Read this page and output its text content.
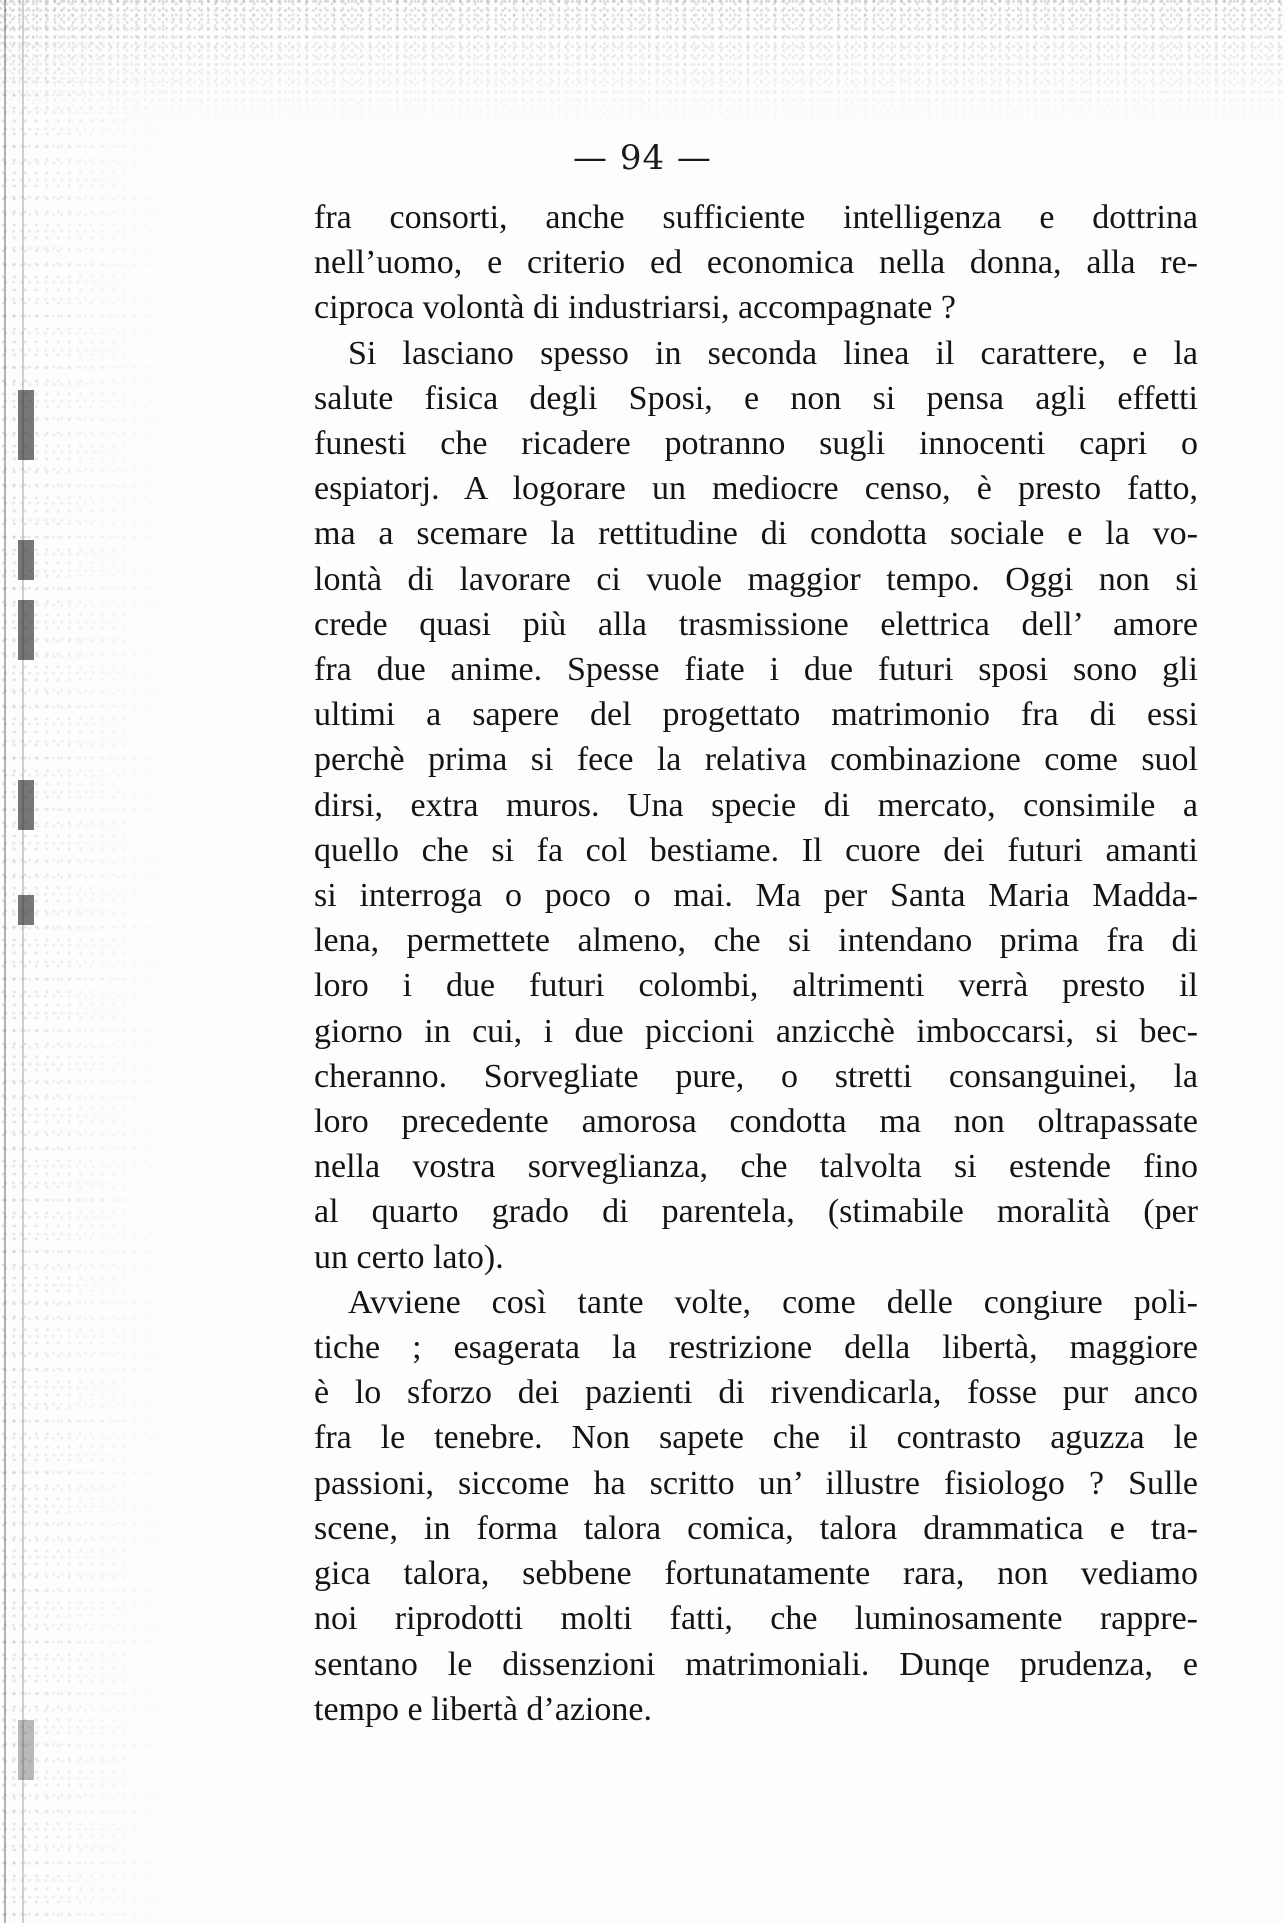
— 94 —
fra consorti, anche sufficiente intelligenza e dottrina
nell’uomo, e criterio ed economica nella donna, alla re-
ciproca volontà di industriarsi, accompagnate ?
Si lasciano spesso in seconda linea il carattere, e la
salute fisica degli Sposi, e non si pensa agli effetti
funesti che ricadere potranno sugli innocenti capri o
espiatorj. A logorare un mediocre censo, è presto fatto,
ma a scemare la rettitudine di condotta sociale e la vo-
lontà di lavorare ci vuole maggior tempo. Oggi non si
crede quasi più alla trasmissione elettrica dell’ amore
fra due anime. Spesse fiate i due futuri sposi sono gli
ultimi a sapere del progettato matrimonio fra di essi
perchè prima si fece la relativa combinazione come suol
dirsi, extra muros. Una specie di mercato, consimile a
quello che si fa col bestiame. Il cuore dei futuri amanti
si interroga o poco o mai. Ma per Santa Maria Madda-
lena, permettete almeno, che si intendano prima fra di
loro i due futuri colombi, altrimenti verrà presto il
giorno in cui, i due piccioni anzicchè imboccarsi, si bec-
cheranno. Sorvegliate pure, o stretti consanguinei, la
loro precedente amorosa condotta ma non oltrapassate
nella vostra sorveglianza, che talvolta si estende fino
al quarto grado di parentela, (stimabile moralità (per
un certo lato).
Avviene così tante volte, come delle congiure poli-
tiche ; esagerata la restrizione della libertà, maggiore
è lo sforzo dei pazienti di rivendicarla, fosse pur anco
fra le tenebre. Non sapete che il contrasto aguzza le
passioni, siccome ha scritto un’ illustre fisiologo ? Sulle
scene, in forma talora comica, talora drammatica e tra-
gica talora, sebbene fortunatamente rara, non vediamo
noi riprodotti molti fatti, che luminosamente rappre-
sentano le dissenzioni matrimoniali. Dunqe prudenza, e
tempo e libertà d’azione.
